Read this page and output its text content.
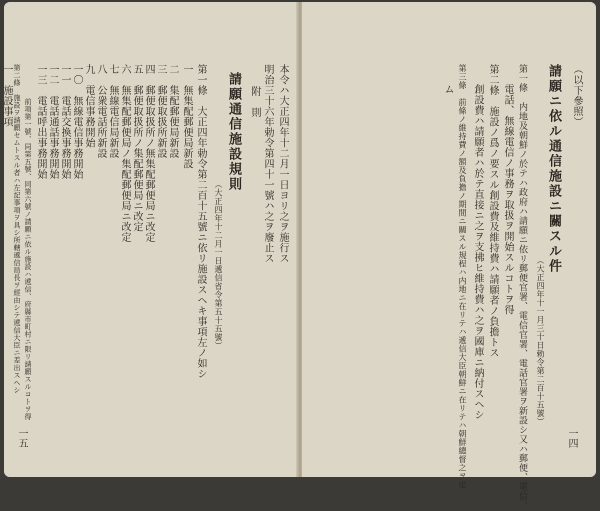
本令ハ大正四年十二月一日ヨリ之ヲ施行ス
明治三十六年勅令第四十一號ハ之ヲ廢止ス
附　則
請願通信施設規則
（大正四年十二月一日遞信省令第五十五號）
第一條　大正四年勅令第二百十五號ニ依リ施設スヘキ事項左ノ如シ
一　無集配郵便局新設
二　集配郵便局新設
三　郵便取扱所新設
四　郵便取扱所ノ無集配郵便局ニ改定
五　郵便取扱所ノ集配郵便局ニ改定
六　無集配郵便局ノ集配郵便局ニ改定
七　無線電信局新設
八　公衆電話所新設
九　電信事務開始
一〇　無線電信事務開始
一一　電話交換事務開始
一二　電話通話事務開始
一三　電話呼出事務開始
前項第一號、同第五號、同第六號ノ請願ニ依ル施設ハ遞信、府縣市町村ニ限リ請願スルコトヲ得
第二條　施設ヲ請願セムトスル者ハ左記事項ヲ具シ所轄遞信局長ヲ經由シテ遞信大臣ニ差出スヘシ
一　施設事項
一五
（以下參照）
請願ニ依ル通信施設ニ關スル件
（大正四年十一月三十日勅令第二百十五號）
第一條　内地及朝鮮ノ於テハ政府ハ請願ニ依リ郵便官署、電信官署、電話官署ヲ新設シ又ハ郵便、電信、
電話、無線電信ノ事務ヲ取扱ヲ開始スルコトヲ得
第二條　施設ノ爲ノ要スル創設費及維持費ハ請願者ノ負擔トス
創設費ハ請願者ハ於テ直接ニ之ヲ支拂ヒ維持費ハ之ヲ國庫ニ納付スヘシ
第三條　前條ノ維持費ノ額及負擔ノ期間ニ關スル規程ハ内地ニ在リテハ遞信大臣朝鮮ニ在リテハ朝鮮總督之ヲ定
ム
一四
